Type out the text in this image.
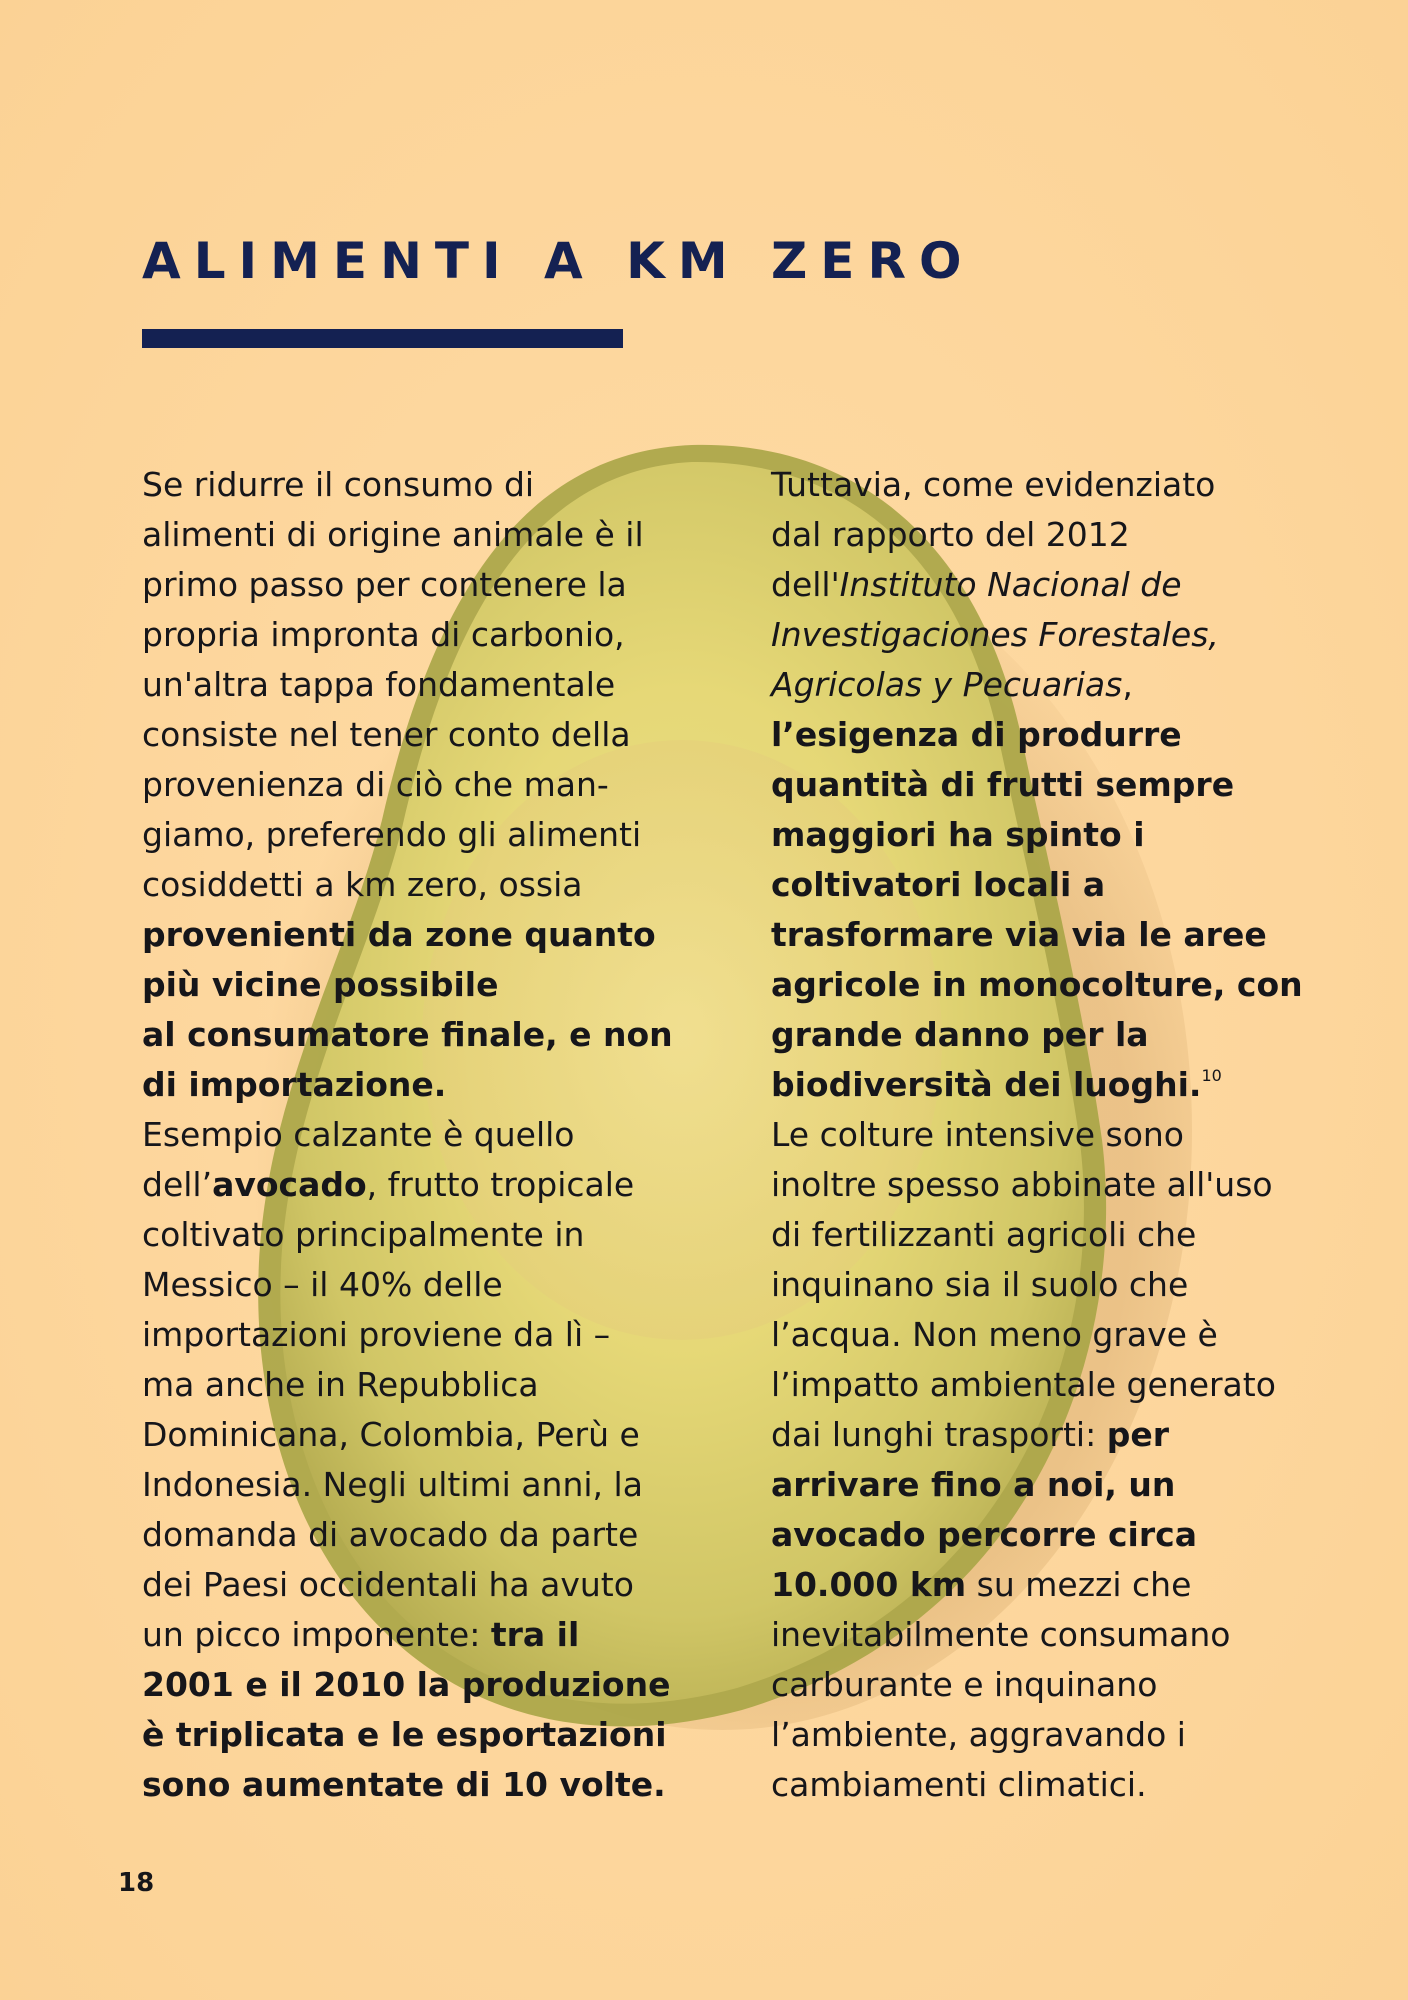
ALIMENTI A KM ZERO
Se ridurre il consumo di
alimenti di origine animale è il
primo passo per contenere la
propria impronta di carbonio,
un'altra tappa fondamentale
consiste nel tener conto della
provenienza di ciò che man-
giamo, preferendo gli alimenti
cosiddetti a km zero, ossia
provenienti da zone quanto
più vicine possibile
al consumatore finale, e non
di importazione.
Esempio calzante è quello
dell’avocado, frutto tropicale
coltivato principalmente in
Messico – il 40% delle
importazioni proviene da lì –
ma anche in Repubblica
Dominicana, Colombia, Perù e
Indonesia. Negli ultimi anni, la
domanda di avocado da parte
dei Paesi occidentali ha avuto
un picco imponente: tra il
2001 e il 2010 la produzione
è triplicata e le esportazioni
sono aumentate di 10 volte.
Tuttavia, come evidenziato
dal rapporto del 2012
dell'Instituto Nacional de
Investigaciones Forestales,
Agricolas y Pecuarias,
l’esigenza di produrre
quantità di frutti sempre
maggiori ha spinto i
coltivatori locali a
trasformare via via le aree
agricole in monocolture, con
grande danno per la
biodiversità dei luoghi.$^{10}$
Le colture intensive sono
inoltre spesso abbinate all'uso
di fertilizzanti agricoli che
inquinano sia il suolo che
l’acqua. Non meno grave è
l’impatto ambientale generato
dai lunghi trasporti: per
arrivare fino a noi, un
avocado percorre circa
10.000 km su mezzi che
inevitabilmente consumano
carburante e inquinano
l’ambiente, aggravando i
cambiamenti climatici.
18
